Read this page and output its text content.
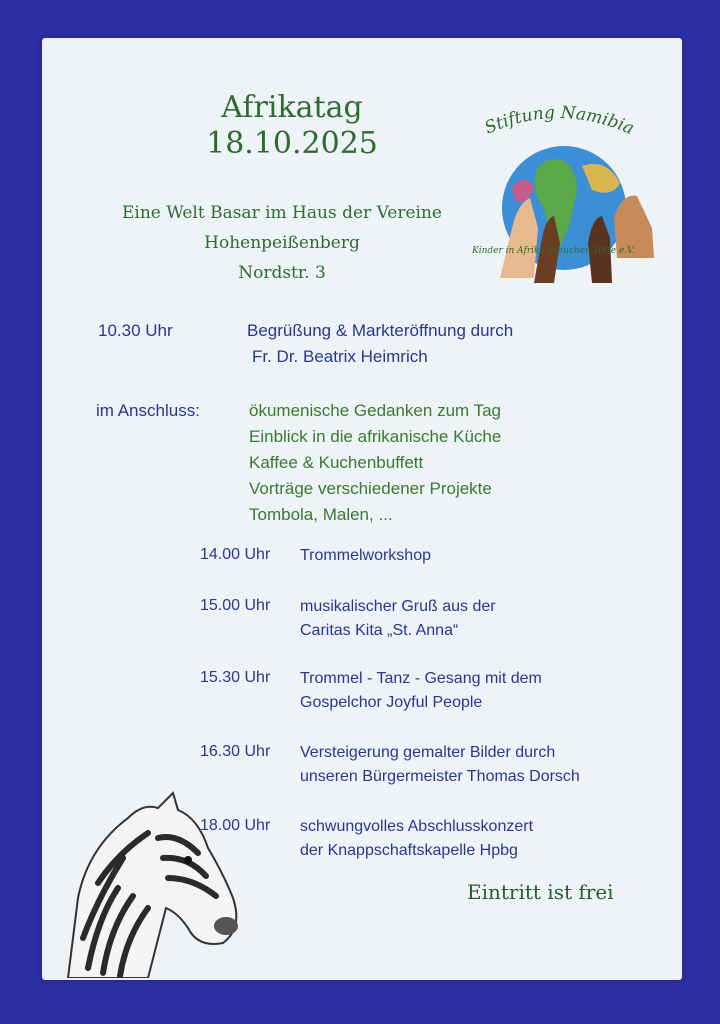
Afrikatag
18.10.2025
Eine Welt Basar im Haus der Vereine
Hohenpeißenberg
Nordstr. 3
Stiftung Namibia
Kinder in Afrika brauchen Hilfe e.V.
10.30 Uhr	Begrüßung & Markteröffnung durch
Fr. Dr. Beatrix Heimrich
im Anschluss:	ökumenische Gedanken zum Tag
Einblick in die afrikanische Küche
Kaffee & Kuchenbuffett
Vorträge verschiedener Projekte
Tombola, Malen, ...
14.00 Uhr Trommelworkshop
15.00 Uhr musikalischer Gruß aus der
Caritas Kita „St. Anna“
15.30 Uhr Trommel - Tanz - Gesang mit dem
Gospelchor Joyful People
16.30 Uhr Versteigerung gemalter Bilder durch
unseren Bürgermeister Thomas Dorsch
18.00 Uhr schwungvolles Abschlusskonzert
der Knappschaftskapelle Hpbg
Eintritt ist frei
